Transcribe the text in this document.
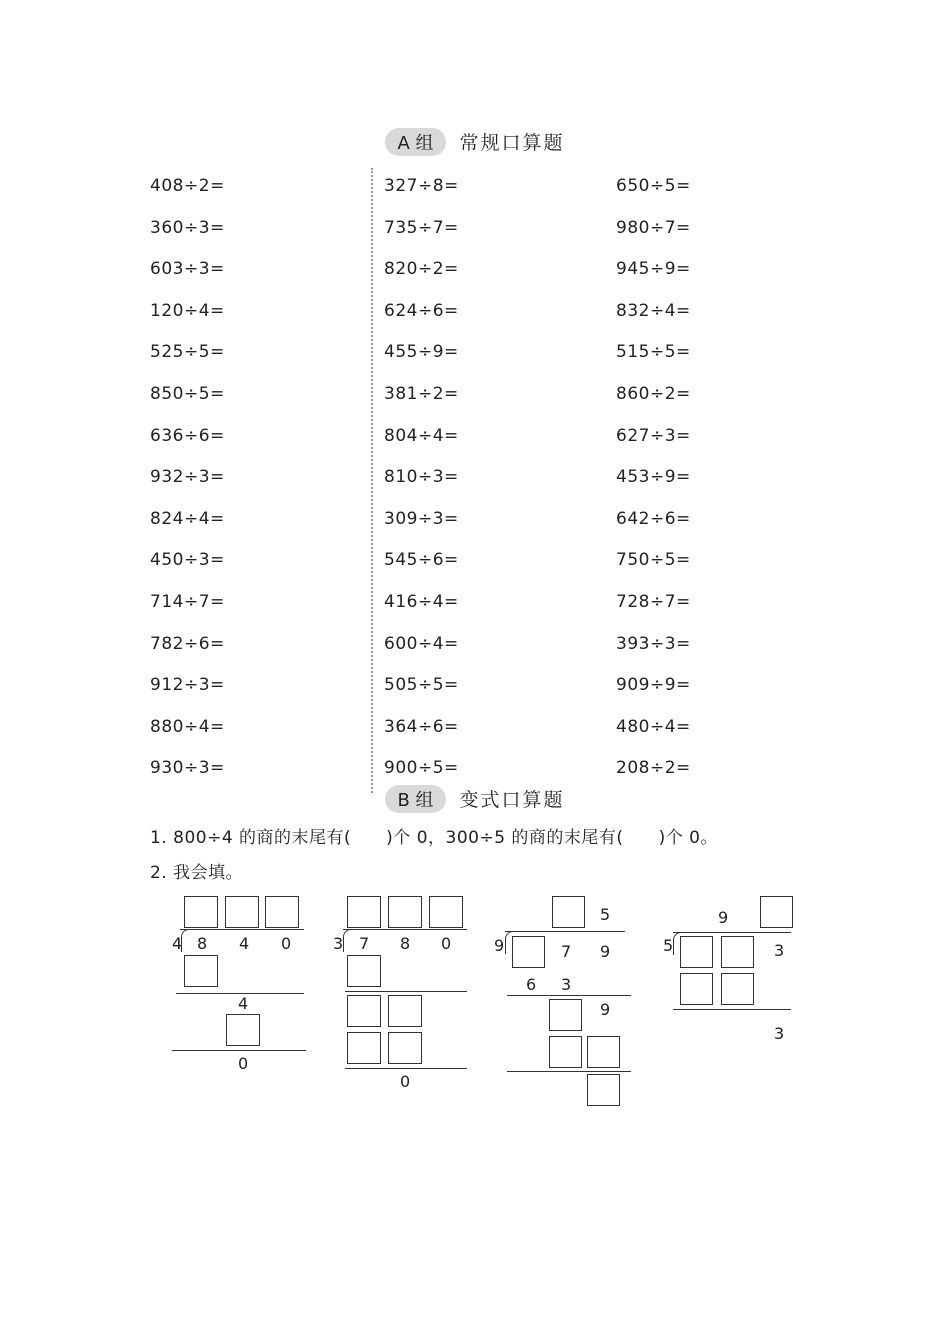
A 组 常规口算题
408÷2=
360÷3=
603÷3=
120÷4=
525÷5=
850÷5=
636÷6=
932÷3=
824÷4=
450÷3=
714÷7=
782÷6=
912÷3=
880÷4=
930÷3=
327÷8=
735÷7=
820÷2=
624÷6=
455÷9=
381÷2=
804÷4=
810÷3=
309÷3=
545÷6=
416÷4=
600÷4=
505÷5=
364÷6=
900÷5=
650÷5=
980÷7=
945÷9=
832÷4=
515÷5=
860÷2=
627÷3=
453÷9=
642÷6=
750÷5=
728÷7=
393÷3=
909÷9=
480÷4=
208÷2=
B 组 变式口算题
1. 800÷4 的商的末尾有(　　)个 0，300÷5 的商的末尾有(　　)个 0。
2. 我会填。
4 8 4 0
4
0
3 7 8 0
0
5
9	7 9
6 3
9
9
5	3
3
